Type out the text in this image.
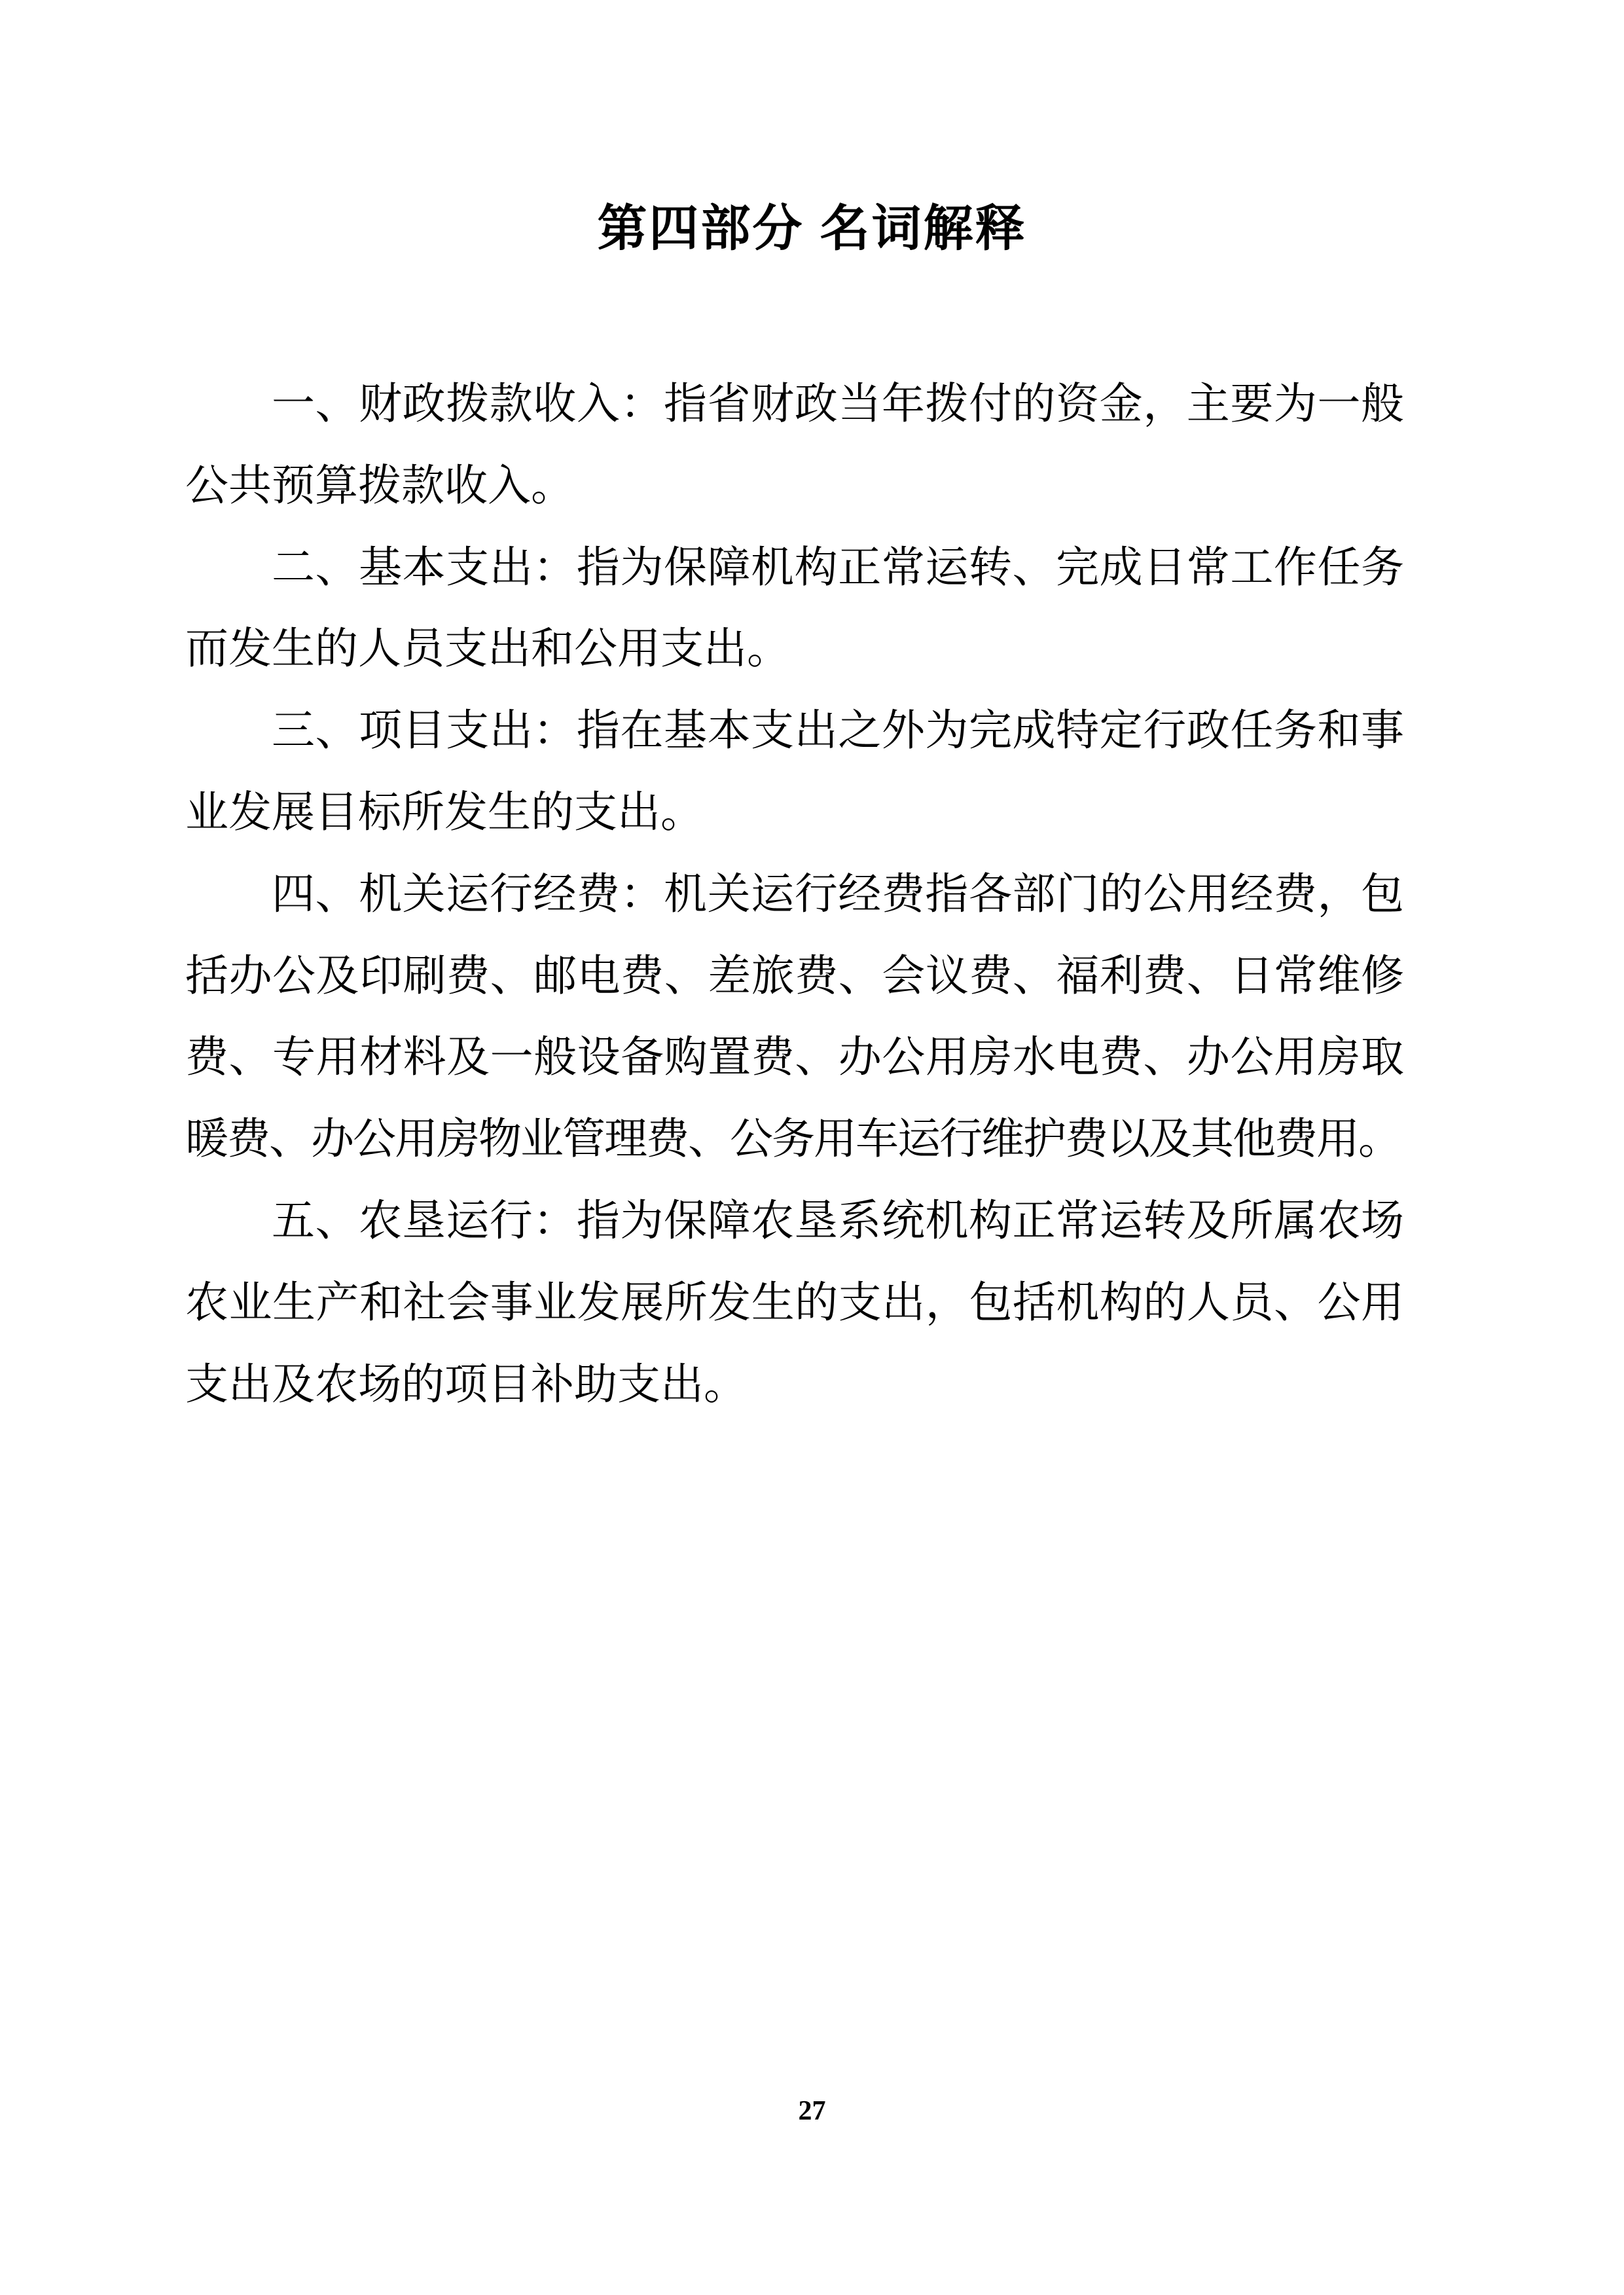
第四部分 名词解释
一、财政拨款收入：指省财政当年拨付的资金，主要为一般
公共预算拨款收入。
二、基本支出：指为保障机构正常运转、完成日常工作任务
而发生的人员支出和公用支出。
三、项目支出：指在基本支出之外为完成特定行政任务和事
业发展目标所发生的支出。
四、机关运行经费：机关运行经费指各部门的公用经费，包
括办公及印刷费、邮电费、差旅费、会议费、福利费、日常维修
费、专用材料及一般设备购置费、办公用房水电费、办公用房取
暖费、办公用房物业管理费、公务用车运行维护费以及其他费用。
五、农垦运行：指为保障农垦系统机构正常运转及所属农场
农业生产和社会事业发展所发生的支出，包括机构的人员、公用
支出及农场的项目补助支出。
27
